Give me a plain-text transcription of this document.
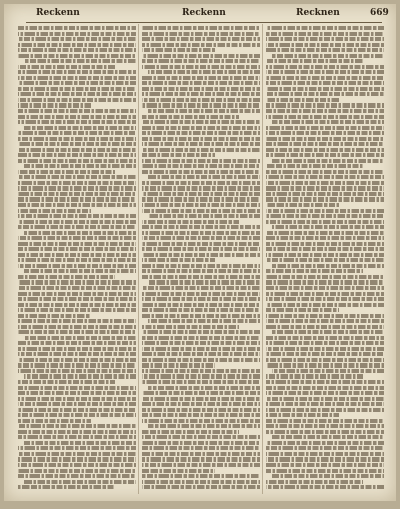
Reckenn	Reckenn	Recknen	669
